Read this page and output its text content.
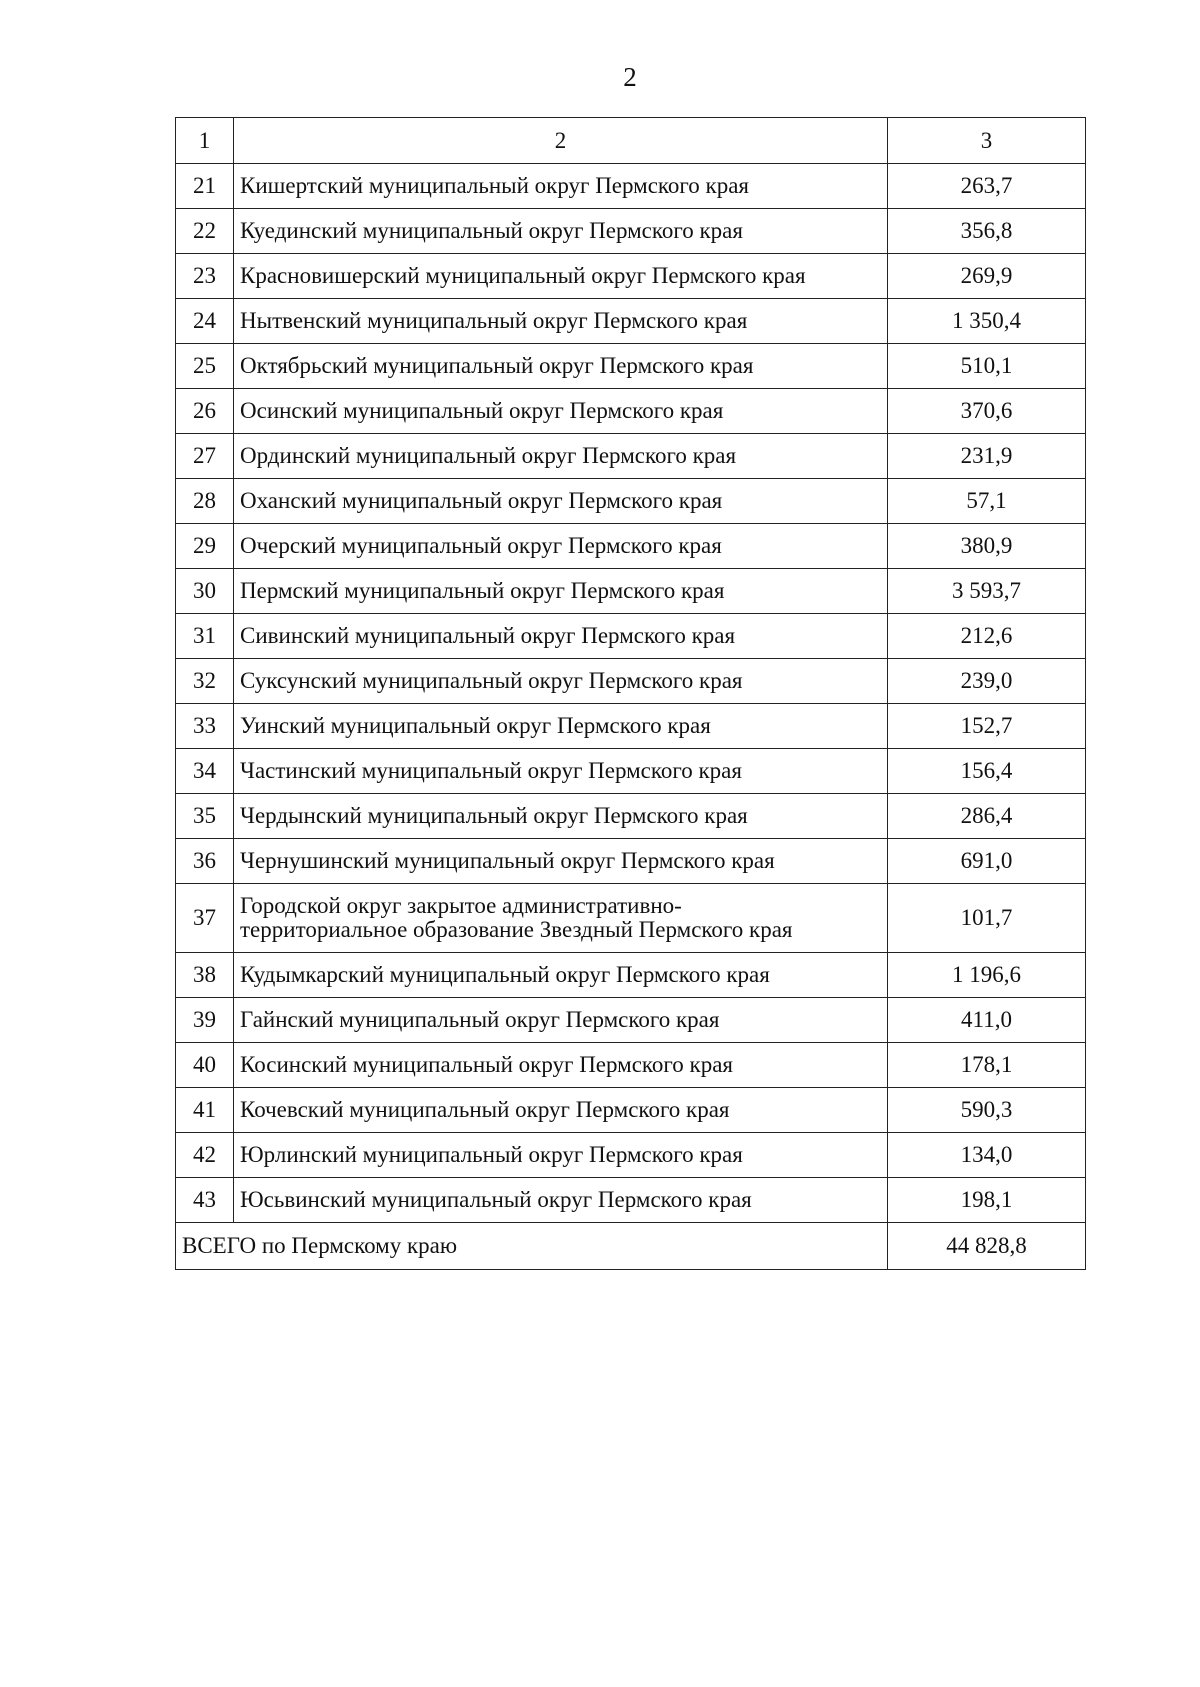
2
1	2	3
21	Кишертский муниципальный округ Пермского края	263,7
22	Куединский муниципальный округ Пермского края	356,8
23	Красновишерский муниципальный округ Пермского края	269,9
24	Нытвенский муниципальный округ Пермского края	1 350,4
25	Октябрьский муниципальный округ Пермского края	510,1
26	Осинский муниципальный округ Пермского края	370,6
27	Ординский муниципальный округ Пермского края	231,9
28	Оханский муниципальный округ Пермского края	57,1
29	Очерский муниципальный округ Пермского края	380,9
30	Пермский муниципальный округ Пермского края	3 593,7
31	Сивинский муниципальный округ Пермского края	212,6
32	Суксунский муниципальный округ Пермского края	239,0
33	Уинский муниципальный округ Пермского края	152,7
34	Частинский муниципальный округ Пермского края	156,4
35	Чердынский муниципальный округ Пермского края	286,4
36	Чернушинский муниципальный округ Пермского края	691,0
37	Городской округ закрытое административно-
территориальное образование Звездный Пермского края	101,7
38	Кудымкарский муниципальный округ Пермского края	1 196,6
39	Гайнский муниципальный округ Пермского края	411,0
40	Косинский муниципальный округ Пермского края	178,1
41	Кочевский муниципальный округ Пермского края	590,3
42	Юрлинский муниципальный округ Пермского края	134,0
43	Юсьвинский муниципальный округ Пермского края	198,1
ВСЕГО по Пермскому краю		44 828,8
